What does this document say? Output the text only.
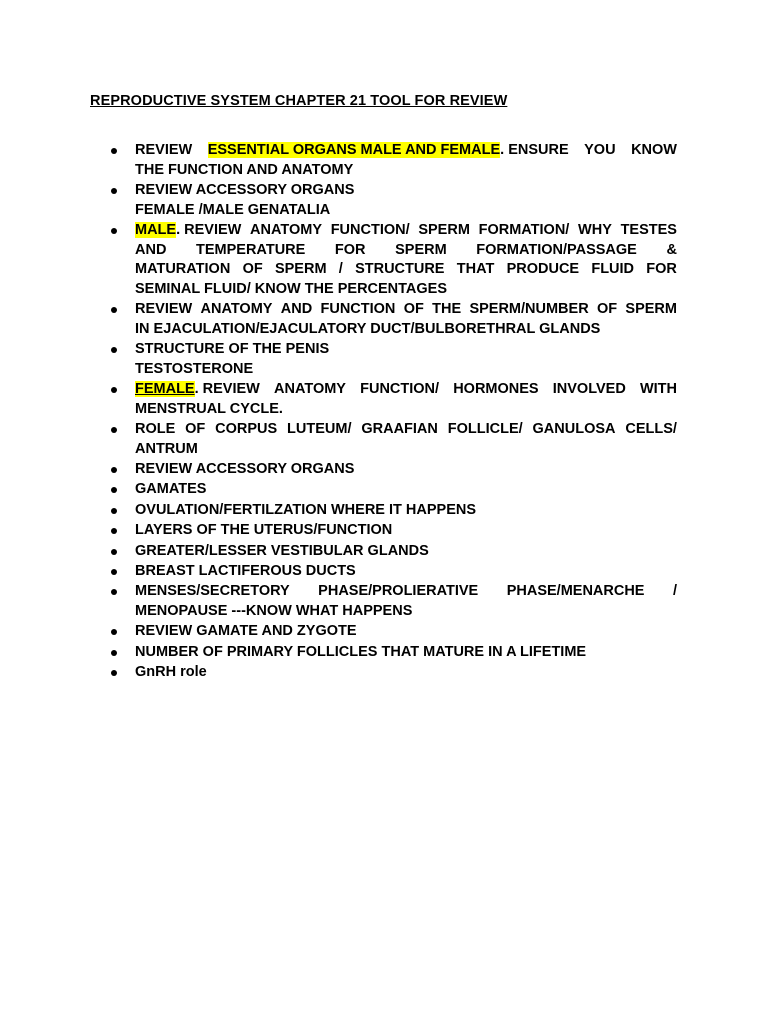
REPRODUCTIVE SYSTEM CHAPTER 21 TOOL FOR REVIEW
REVIEW ESSENTIAL ORGANS MALE AND FEMALE. ENSURE YOU KNOW
THE FUNCTION AND ANATOMY
REVIEW ACCESSORY ORGANS
FEMALE /MALE GENATALIA
MALE. REVIEW ANATOMY FUNCTION/ SPERM FORMATION/ WHY TESTES
AND TEMPERATURE FOR SPERM FORMATION/PASSAGE &
MATURATION OF SPERM / STRUCTURE THAT PRODUCE FLUID FOR
SEMINAL FLUID/ KNOW THE PERCENTAGES
REVIEW ANATOMY AND FUNCTION OF THE SPERM/NUMBER OF SPERM
IN EJACULATION/EJACULATORY DUCT/BULBORETHRAL GLANDS
STRUCTURE OF THE PENIS
TESTOSTERONE
FEMALE. REVIEW ANATOMY FUNCTION/ HORMONES INVOLVED WITH
MENSTRUAL CYCLE.
ROLE OF CORPUS LUTEUM/ GRAAFIAN FOLLICLE/ GANULOSA CELLS/
ANTRUM
REVIEW ACCESSORY ORGANS
GAMATES
OVULATION/FERTILZATION WHERE IT HAPPENS
LAYERS OF THE UTERUS/FUNCTION
GREATER/LESSER VESTIBULAR GLANDS
BREAST LACTIFEROUS DUCTS
MENSES/SECRETORY PHASE/PROLIERATIVE PHASE/MENARCHE /
MENOPAUSE ---KNOW WHAT HAPPENS
REVIEW GAMATE AND ZYGOTE
NUMBER OF PRIMARY FOLLICLES THAT MATURE IN A LIFETIME
GnRH role
